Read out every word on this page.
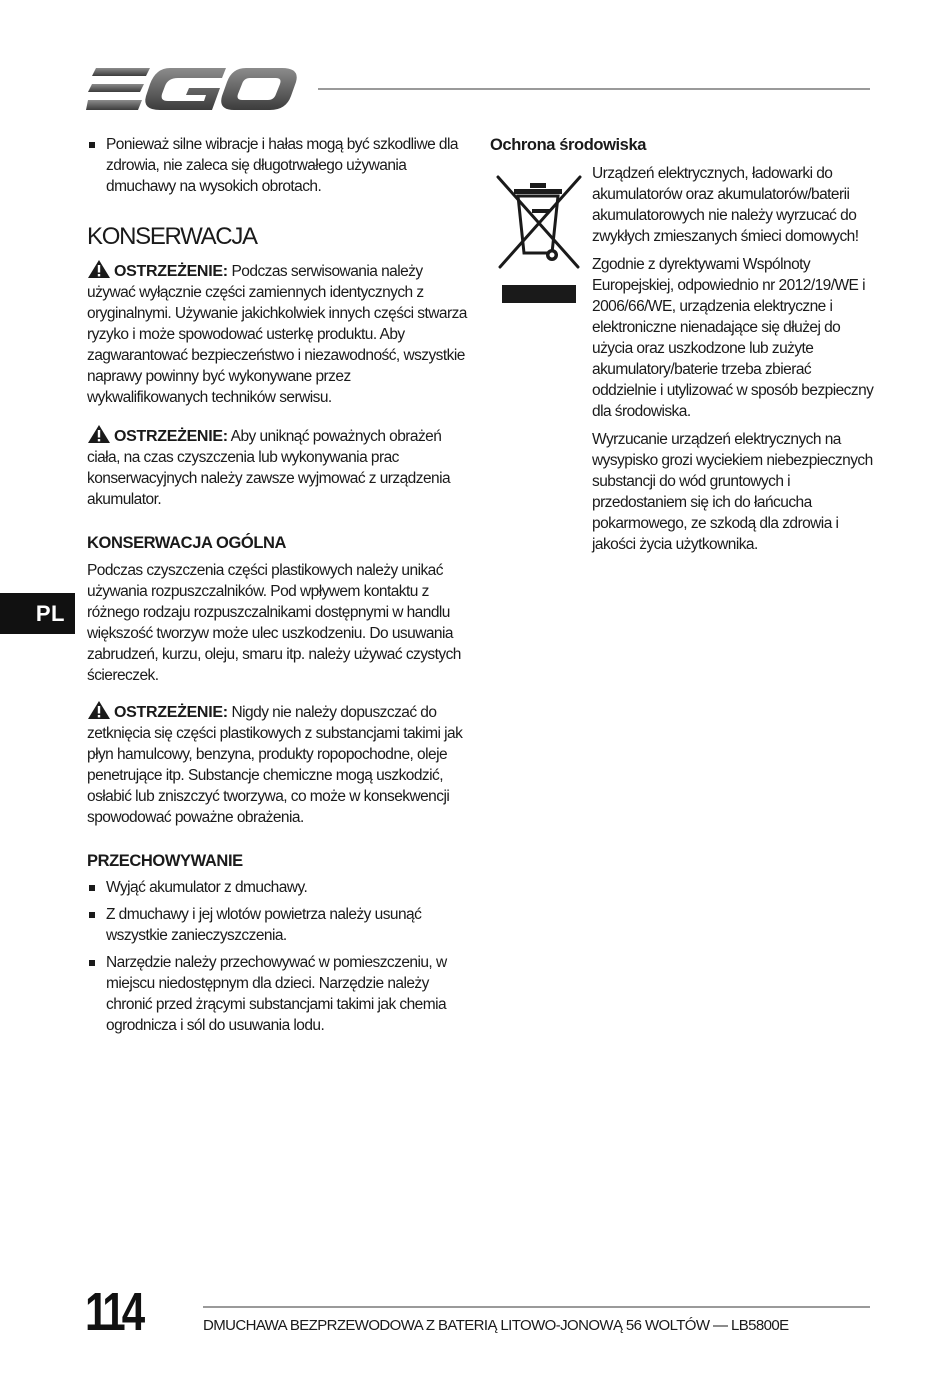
Ponieważ silne wibracje i hałas mogą być szkodliwe dla zdrowia, nie zaleca się długotrwałego używania dmuchawy na wysokich obrotach.
KONSERWACJA

OSTRZEŻENIE: Podczas serwisowania należy używać wyłącznie części zamiennych identycznych z oryginalnymi. Używanie jakichkolwiek innych części stwarza ryzyko i może spowodować usterkę produktu. Aby zagwarantować bezpieczeństwo i niezawodność, wszystkie naprawy powinny być wykonywane przez wykwalifikowanych techników serwisu.

OSTRZEŻENIE: Aby uniknąć poważnych obrażeń ciała, na czas czyszczenia lub wykonywania prac konserwacyjnych należy zawsze wyjmować z urządzenia akumulator.

KONSERWACJA OGÓLNA

Podczas czyszczenia części plastikowych należy unikać używania rozpuszczalników. Pod wpływem kontaktu z różnego rodzaju rozpuszczalnikami dostępnymi w handlu większość tworzyw może ulec uszkodzeniu. Do usuwania zabrudzeń, kurzu, oleju, smaru itp. należy używać czystych ściereczek.

OSTRZEŻENIE: Nigdy nie należy dopuszczać do zetknięcia się części plastikowych z substancjami takimi jak płyn hamulcowy, benzyna, produkty ropopochodne, oleje penetrujące itp. Substancje chemiczne mogą uszkodzić, osłabić lub zniszczyć tworzywa, co może w konsekwencji spowodować poważne obrażenia.

PRZECHOWYWANIE
Wyjąć akumulator z dmuchawy.
Z dmuchawy i jej wlotów powietrza należy usunąć wszystkie zanieczyszczenia.
Narzędzie należy przechowywać w pomieszczeniu, w miejscu niedostępnym dla dzieci. Narzędzie należy chronić przed żrącymi substancjami takimi jak chemia ogrodnicza i sól do usuwania lodu.
Ochrona środowiska

Urządzeń elektrycznych, ładowarki do akumulatorów oraz akumulatorów/baterii akumulatorowych nie należy wyrzucać do zwykłych zmieszanych śmieci domowych!

Zgodnie z dyrektywami Wspólnoty Europejskiej, odpowiednio nr 2012/19/WE i 2006/66/WE, urządzenia elektryczne i elektroniczne nienadające się dłużej do użycia oraz uszkodzone lub zużyte akumulatory/baterie trzeba zbierać oddzielnie i utylizować w sposób bezpieczny dla środowiska.

Wyrzucanie urządzeń elektrycznych na wysypisko grozi wyciekiem niebezpiecznych substancji do wód gruntowych i przedostaniem się ich do łańcucha pokarmowego, ze szkodą dla zdrowia i jakości życia użytkownika.

PL
114	DMUCHAWA BEZPRZEWODOWA Z BATERIĄ LITOWO-JONOWĄ 56 WOLTÓW — LB5800E
